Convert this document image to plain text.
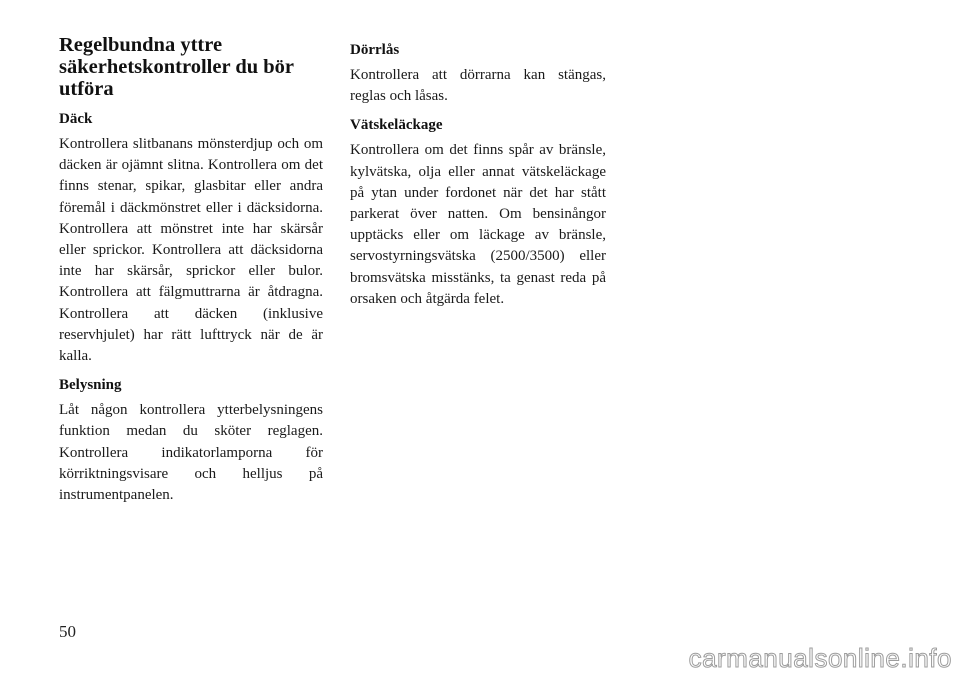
Regelbundna yttre säkerhetskontroller du bör utföra
Däck

Kontrollera slitbanans mönsterdjup och om däcken är ojämnt slitna. Kontrollera om det finns stenar, spikar, glasbitar eller andra föremål i däckmönstret eller i däcksidorna. Kontrollera att mönstret inte har skärsår eller sprickor. Kontrollera att däcksidorna inte har skärsår, sprickor eller bulor. Kontrollera att fälgmuttrarna är åtdragna. Kontrollera att däcken (inklusive reservhjulet) har rätt lufttryck när de är kalla.

Belysning

Låt någon kontrollera ytterbelysningens funktion medan du sköter reglagen. Kontrollera indikatorlamporna för körriktningsvisare och helljus på instrumentpanelen.

Dörrlås

Kontrollera att dörrarna kan stängas, reglas och låsas.

Vätskeläckage

Kontrollera om det finns spår av bränsle, kylvätska, olja eller annat vätskeläckage på ytan under fordonet när det har stått parkerat över natten. Om bensinångor upptäcks eller om läckage av bränsle, servostyrningsvätska (2500/3500) eller bromsvätska misstänks, ta genast reda på orsaken och åtgärda felet.

50
carmanualsonline.info
